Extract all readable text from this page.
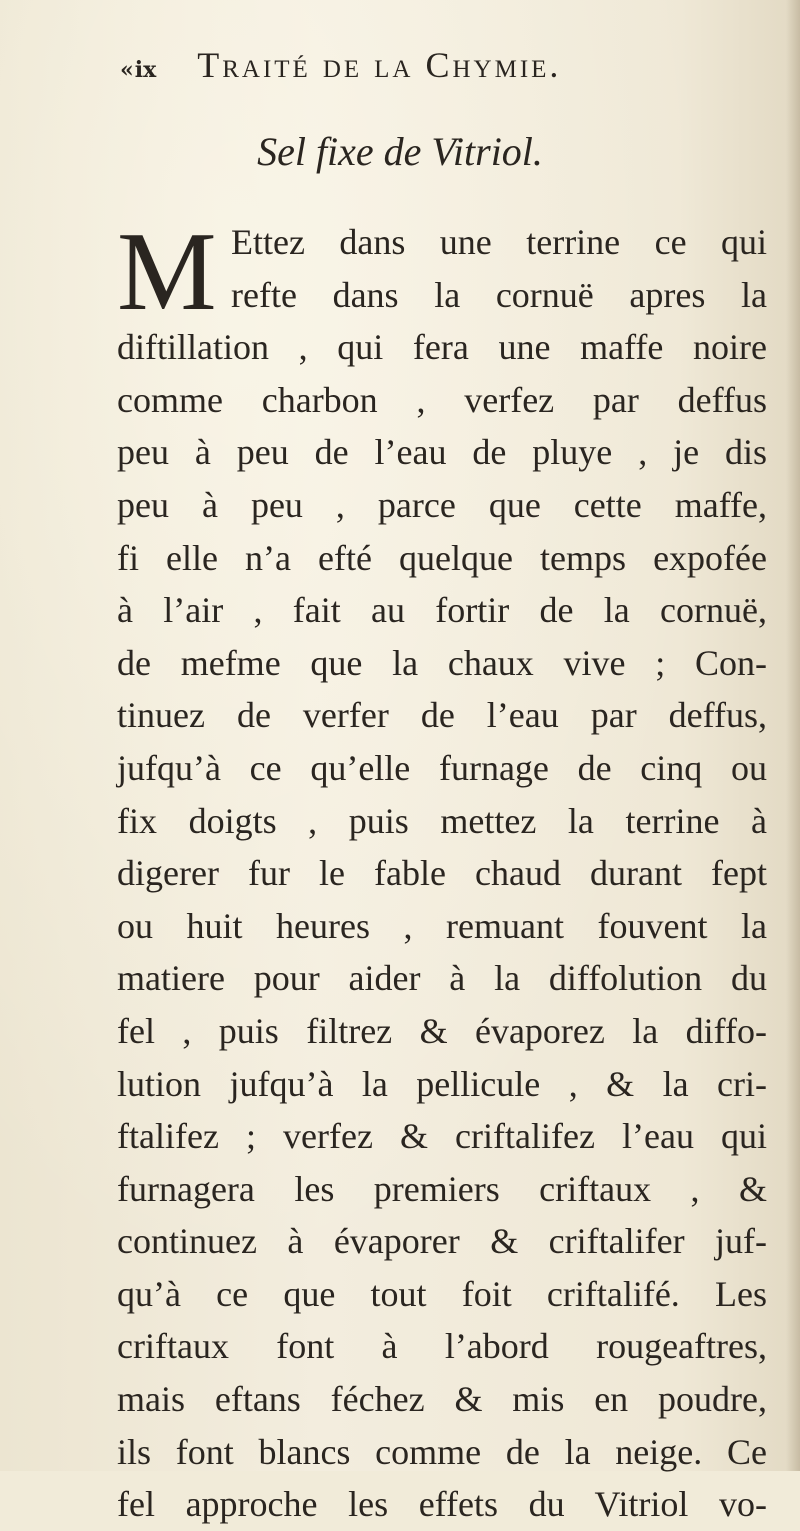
«ⅸ Traité de la Chymie.
Sel fixe de Vitriol.
M Ettez dans une terrine ce qui
refte dans la cornuë apres la
diftillation , qui fera une maffe noire
comme charbon , verfez par deffus
peu à peu de l’eau de pluye , je dis
peu à peu , parce que cette maffe,
fi elle n’a efté quelque temps expofée
à l’air , fait au fortir de la cornuë,
de mefme que la chaux vive ; Con-
tinuez de verfer de l’eau par deffus,
jufqu’à ce qu’elle furnage de cinq ou
fix doigts , puis mettez la terrine à
digerer fur le fable chaud durant fept
ou huit heures , remuant fouvent la
matiere pour aider à la diffolution du
fel , puis filtrez & évaporez la diffo-
lution jufqu’à la pellicule , & la cri-
ftalifez ; verfez & criftalifez l’eau qui
furnagera les premiers criftaux , &
continuez à évaporer & criftalifer juf-
qu’à ce que tout foit criftalifé. Les
criftaux font à l’abord rougeaftres,
mais eftans féchez & mis en poudre,
ils font blancs comme de la neige. Ce
fel approche les effets du Vitriol vo-
